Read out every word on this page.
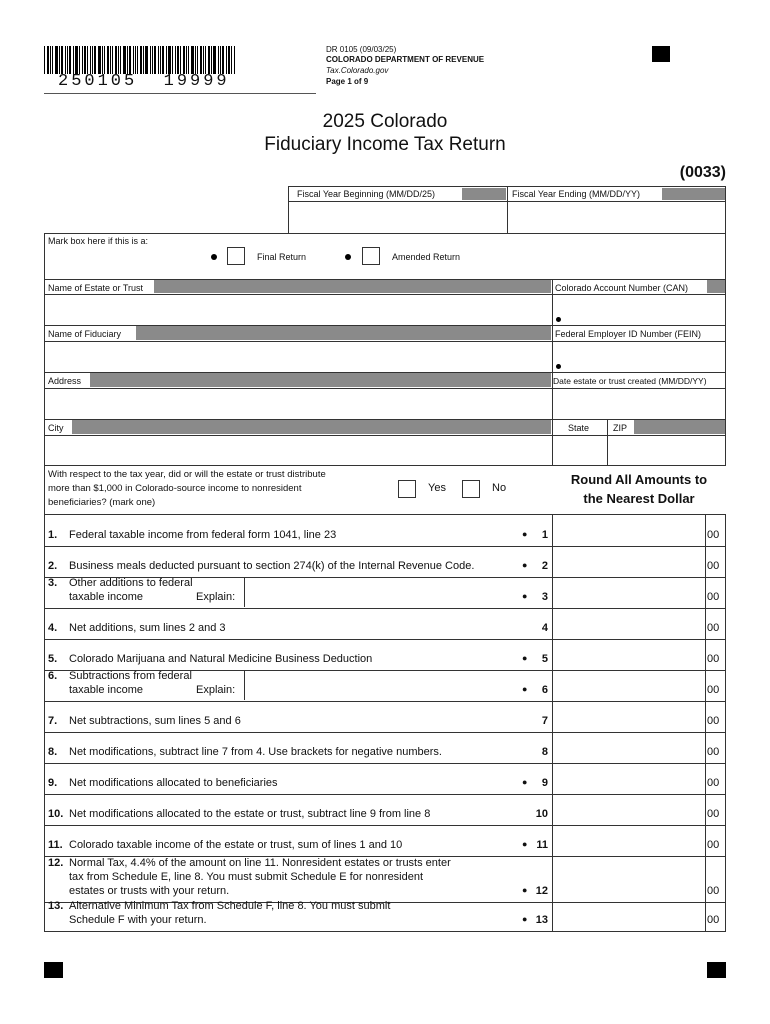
250105  19999
DR 0105 (09/03/25)
COLORADO DEPARTMENT OF REVENUE
Tax.Colorado.gov
Page 1 of 9
2025 Colorado
Fiduciary Income Tax Return
(0033)
Fiscal Year Beginning (MM/DD/25)	Fiscal Year Ending (MM/DD/YY)
Mark box here if this is a:
Final Return	Amended Return
Name of Estate or Trust	Colorado Account Number (CAN)
Name of Fiduciary	Federal Employer ID Number (FEIN)
Address	Date estate or trust created (MM/DD/YY)
City	State	ZIP
With respect to the tax year, did or will the estate or trust distribute
more than $1,000 in Colorado-source income to nonresident
beneficiaries? (mark one)
Yes	No
Round All Amounts to
the Nearest Dollar
1. Federal taxable income from federal form 1041, line 23	●	1	00
2. Business meals deducted pursuant to section 274(k) of the Internal Revenue Code.	●	2	00
3. Other additions to federal
taxable income	Explain:	●	3	00
4. Net additions, sum lines 2 and 3	4	00
5. Colorado Marijuana and Natural Medicine Business Deduction	●	5	00
6. Subtractions from federal
taxable income	Explain:	●	6	00
7. Net subtractions, sum lines 5 and 6	7	00
8. Net modifications, subtract line 7 from 4. Use brackets for negative numbers.	8	00
9. Net modifications allocated to beneficiaries	●	9	00
10. Net modifications allocated to the estate or trust, subtract line 9 from line 8	10	00
11. Colorado taxable income of the estate or trust, sum of lines 1 and 10	● 11	00
12. Normal Tax, 4.4% of the amount on line 11. Nonresident estates or trusts enter
tax from Schedule E, line 8. You must submit Schedule E for nonresident
estates or trusts with your return.	● 12	00
13. Alternative Minimum Tax from Schedule F, line 8. You must submit
Schedule F with your return.	● 13	00
